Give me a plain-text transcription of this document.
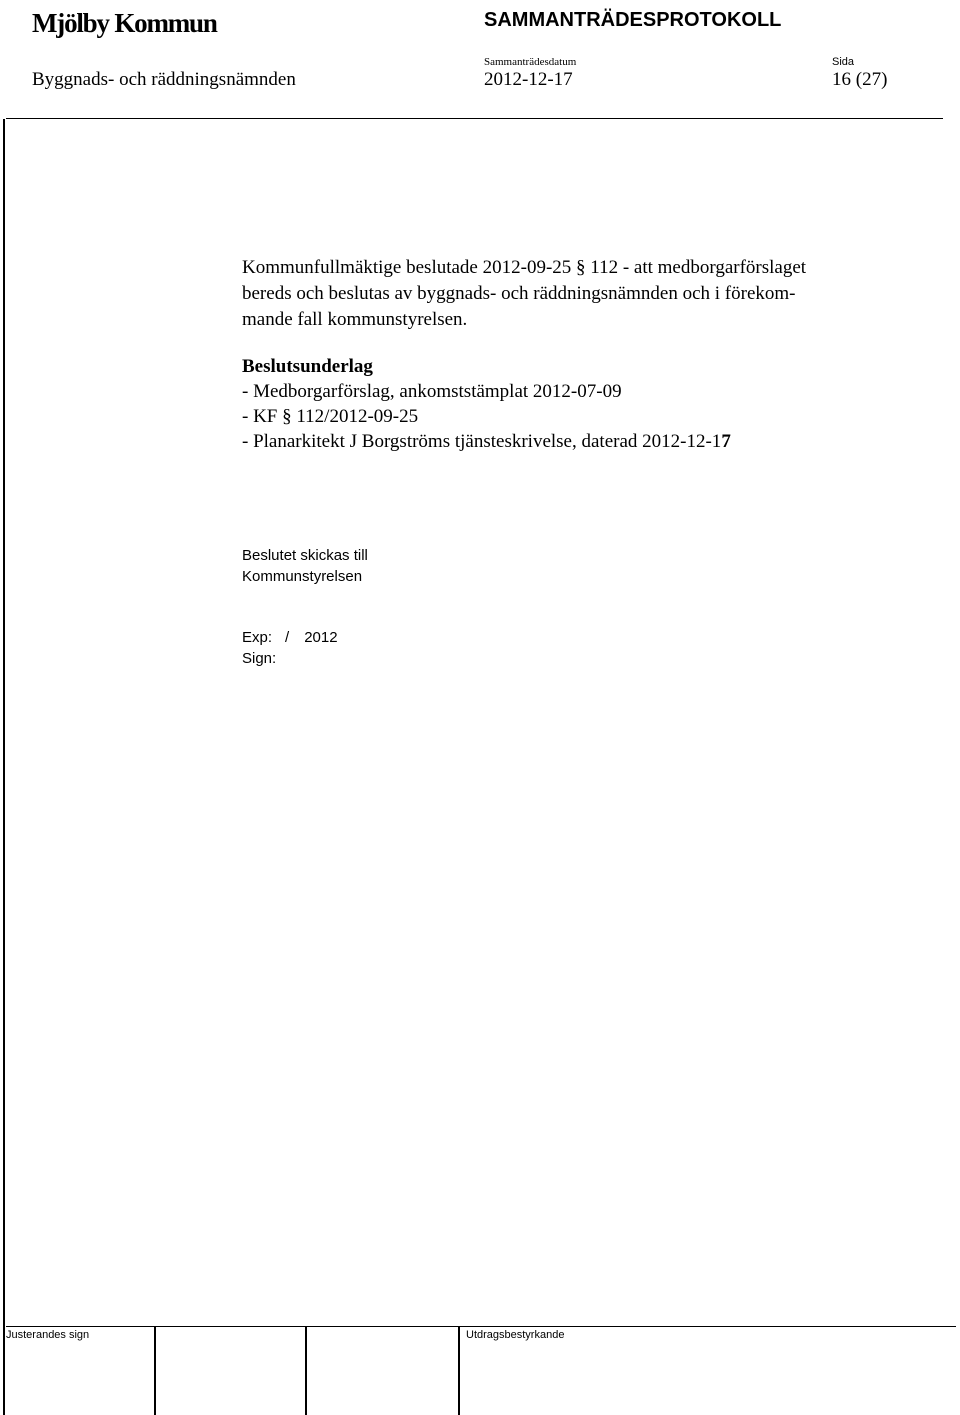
Mjölby Kommun	SAMMANTRÄDESPROTOKOLL
Sammanträdesdatum	Sida
Byggnads- och räddningsnämnden	2012-12-17	16 (27)

Kommunfullmäktige beslutade 2012-09-25 § 112 - att medborgarförslaget

bereds och beslutas av byggnads- och räddningsnämnden och i förekom-

mande fall kommunstyrelsen.

Beslutsunderlag
- Medborgarförslag, ankomststämplat 2012-07-09
- KF § 112/2012-09-25
- Planarkitekt J Borgströms tjänsteskrivelse, daterad 2012-12-17
Beslutet skickas till
Kommunstyrelsen
Exp: / 2012
Sign:
Justerandes sign	Utdragsbestyrkande
